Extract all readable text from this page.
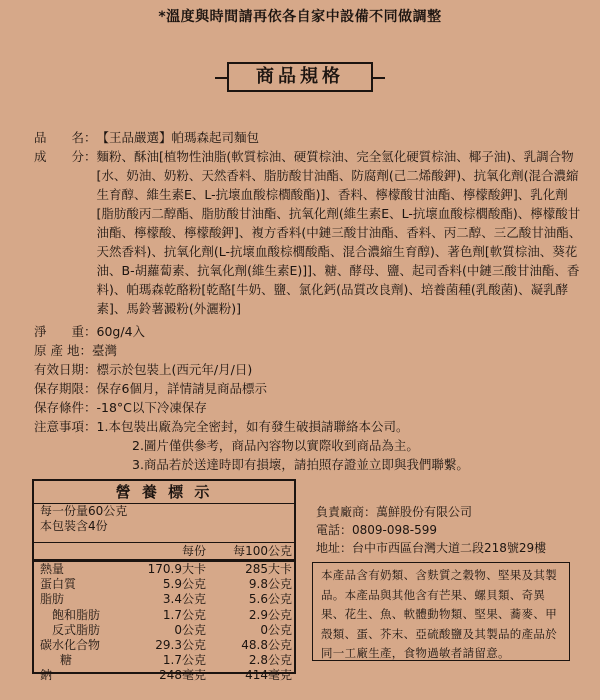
*溫度與時間請再依各自家中設備不同做調整
商品規格
品　　名： 【王品嚴選】帕瑪森起司麵包
成　　分： 麵粉、酥油[植物性油脂(軟質棕油、硬質棕油、完全氫化硬質棕油、椰子油)、乳調合物[水、奶油、奶粉、天然香料、脂肪酸甘油酯、防腐劑(己二烯酸鉀)、抗氧化劑(混合濃縮生育醇、維生素E、L-抗壞血酸棕櫚酸酯)]、香料、檸檬酸甘油酯、檸檬酸鉀]、乳化劑[脂肪酸丙二醇酯、脂肪酸甘油酯、抗氧化劑(維生素E、L-抗壞血酸棕櫚酸酯)、檸檬酸甘油酯、檸檬酸、檸檬酸鉀]、複方香料(中鏈三酸甘油酯、香料、丙二醇、三乙酸甘油酯、天然香料)、抗氧化劑(L-抗壞血酸棕櫚酸酯、混合濃縮生育醇)、著色劑[軟質棕油、葵花油、B-胡蘿蔔素、抗氧化劑(維生素E)]]、糖、酵母、鹽、起司香料(中鏈三酸甘油酯、香料)、帕瑪森乾酪粉[乾酪[牛奶、鹽、氯化鈣(品質改良劑)、培養菌種(乳酸菌)、凝乳酵素]、馬鈴薯澱粉(外灑粉)]
淨　　重： 60g/4入
原 產 地： 臺灣
有效日期： 標示於包裝上(西元年/月/日)
保存期限： 保存6個月，詳情請見商品標示
保存條件： -18°C以下冷凍保存
注意事項： 1.本包裝出廠為完全密封，如有發生破損請聯絡本公司。
2.圖片僅供參考，商品內容物以實際收到商品為主。
3.商品若於送達時即有損壞，請拍照存證並立即與我們聯繫。
營 養 標 示
每一份量60公克
本包裝含4份
每份	每100公克
熱量	170.9大卡	285大卡
蛋白質	5.9公克	9.8公克
脂肪	3.4公克	5.6公克
飽和脂肪	1.7公克	2.9公克
反式脂肪	0公克	0公克
碳水化合物	29.3公克	48.8公克
糖	1.7公克	2.8公克
鈉	248毫克	414毫克
負責廠商：萬鮮股份有限公司
電話：0809-098-599
地址：台中市西區台灣大道二段218號29樓
本產品含有奶類、含麩質之穀物、堅果及其製品。本產品與其他含有芒果、螺貝類、奇異果、花生、魚、軟體動物類、堅果、蕎麥、甲殼類、蛋、芥末、亞硫酸鹽及其製品的產品於同一工廠生產，食物過敏者請留意。
